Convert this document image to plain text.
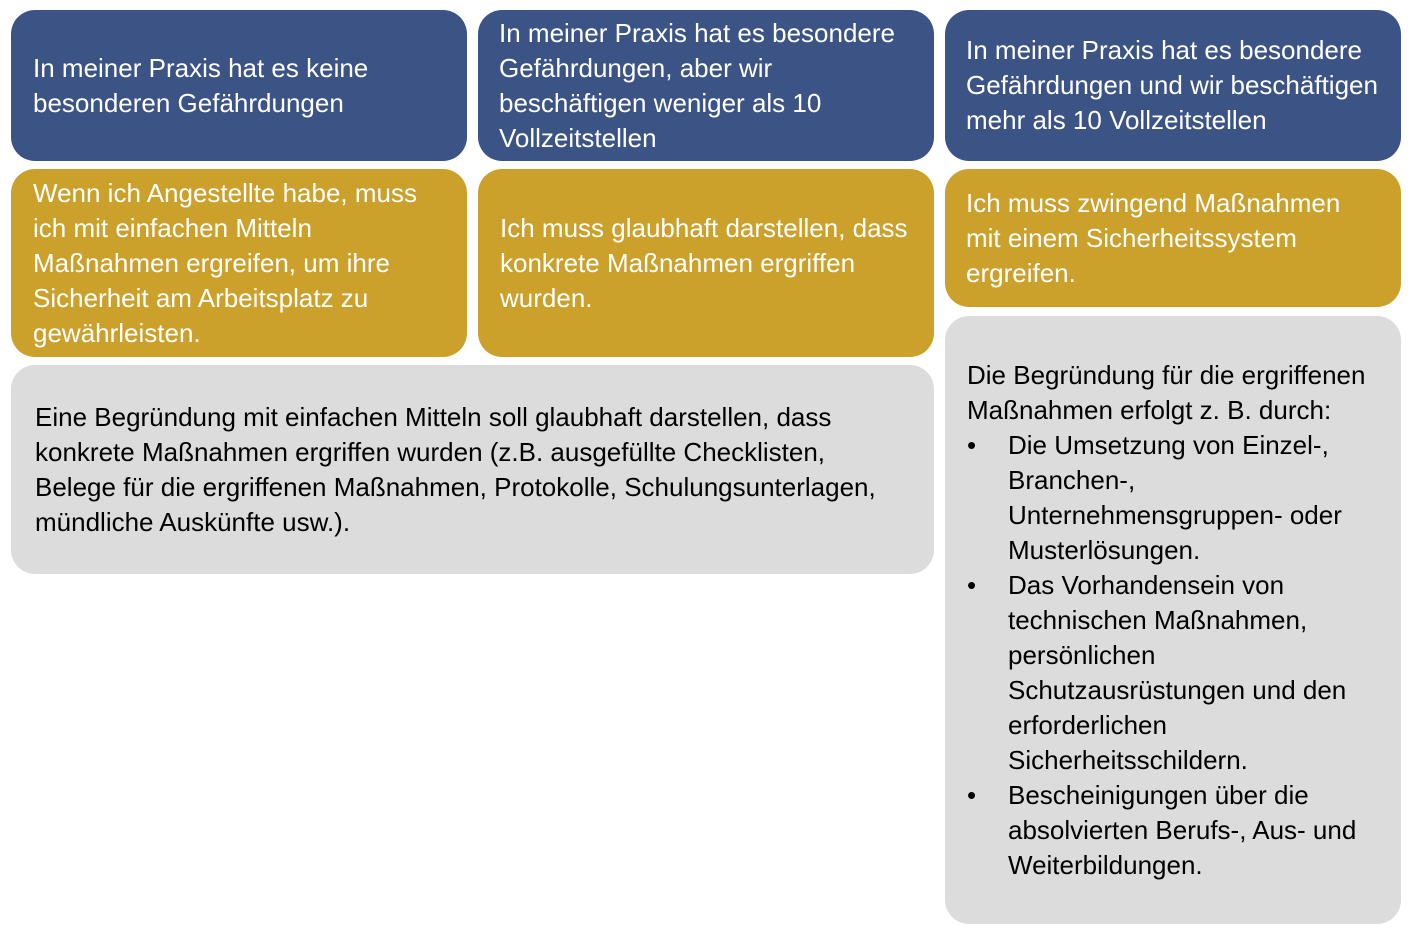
In meiner Praxis hat es keine besonderen Gefährdungen

Wenn ich Angestellte habe, muss ich mit einfachen Mitteln Maßnahmen ergreifen, um ihre Sicherheit am Arbeitsplatz zu gewährleisten.

In meiner Praxis hat es besondere Gefährdungen, aber wir beschäftigen weniger als 10 Vollzeitstellen

Ich muss glaubhaft darstellen, dass konkrete Maßnahmen ergriffen wurden.

In meiner Praxis hat es besondere Gefährdungen und wir beschäftigen mehr als 10 Vollzeitstellen

Ich muss zwingend Maßnahmen mit einem Sicherheitssystem ergreifen.

Eine Begründung mit einfachen Mitteln soll glaubhaft darstellen, dass konkrete Maßnahmen ergriffen wurden (z.B. ausgefüllte Checklisten, Belege für die ergriffenen Maßnahmen, Protokolle, Schulungsunterlagen, mündliche Auskünfte usw.).

Die Begründung für die ergriffenen Maßnahmen erfolgt z. B. durch:

• Die Umsetzung von Einzel-, Branchen-, Unternehmensgruppen- oder Musterlösungen.
• Das Vorhandensein von technischen Maßnahmen, persönlichen Schutzausrüstungen und den erforderlichen Sicherheitsschildern.
• Bescheinigungen über die absolvierten Berufs-, Aus- und Weiterbildungen.
